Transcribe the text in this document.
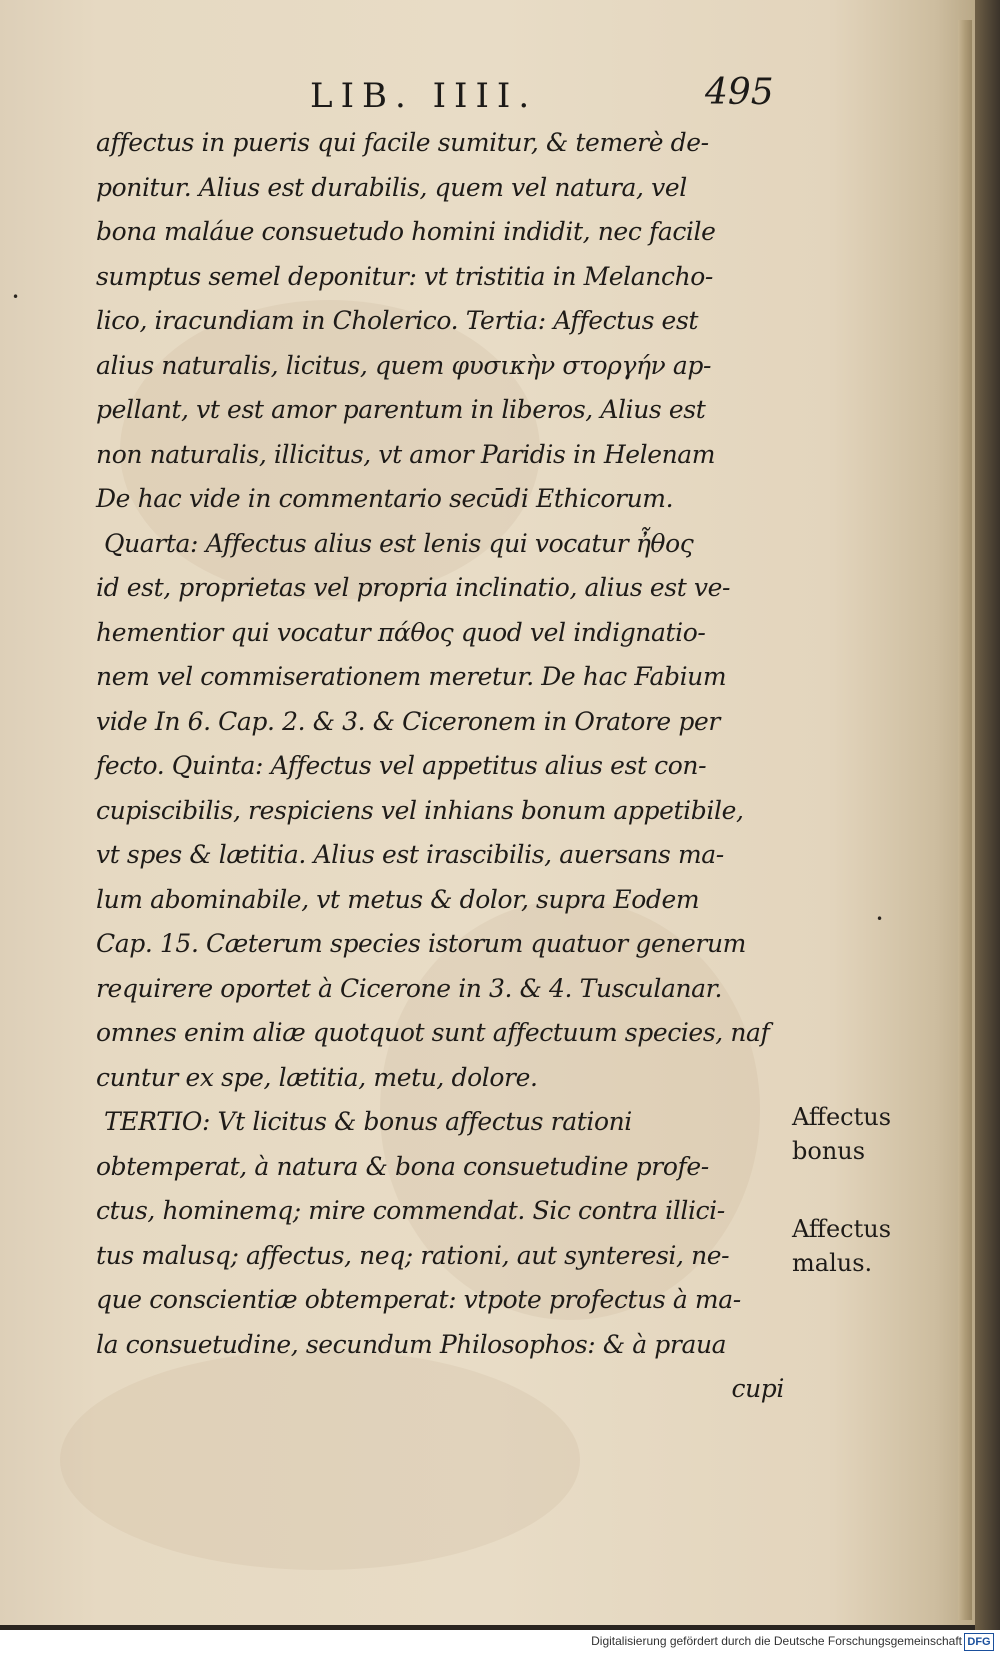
LIB. IIII.	495
affectus in pueris qui facile sumitur, & temerè de-
ponitur. Alius est durabilis, quem vel natura, vel
bona maláue consuetudo homini indidit, nec facile
sumptus semel deponitur: vt tristitia in Melancho-
lico, iracundiam in Cholerico. Tertia: Affectus est
alius naturalis, licitus, quem φυσικὴν στοργήν ap-
pellant, vt est amor parentum in liberos, Alius est
non naturalis, illicitus, vt amor Paridis in Helenam
De hac vide in commentario secūdi Ethicorum.
Quarta: Affectus alius est lenis qui vocatur ἦθος
id est, proprietas vel propria inclinatio, alius est ve-
hementior qui vocatur πάθος quod vel indignatio-
nem vel commiserationem meretur. De hac Fabium
vide In 6. Cap. 2. & 3. & Ciceronem in Oratore per
fecto. Quinta: Affectus vel appetitus alius est con-
cupiscibilis, respiciens vel inhians bonum appetibile,
vt spes & lætitia. Alius est irascibilis, auersans ma-
lum abominabile, vt metus & dolor, supra Eodem
Cap. 15. Cæterum species istorum quatuor generum
requirere oportet à Cicerone in 3. & 4. Tusculanar.
omnes enim aliæ quotquot sunt affectuum species, naf
cuntur ex spe, lætitia, metu, dolore.
TERTIO: Vt licitus & bonus affectus rationi
obtemperat, à natura & bona consuetudine profe-
ctus, hominemq; mire commendat. Sic contra illici-
tus malusq; affectus, neq; rationi, aut synteresi, ne-
que conscientiæ obtemperat: vtpote profectus à ma-
la consuetudine, secundum Philosophos: & à praua
cupi
Affectus
bonus
Affectus
malus.
•
•
Digitalisierung gefördert durch die Deutsche Forschungsgemeinschaft DFG
